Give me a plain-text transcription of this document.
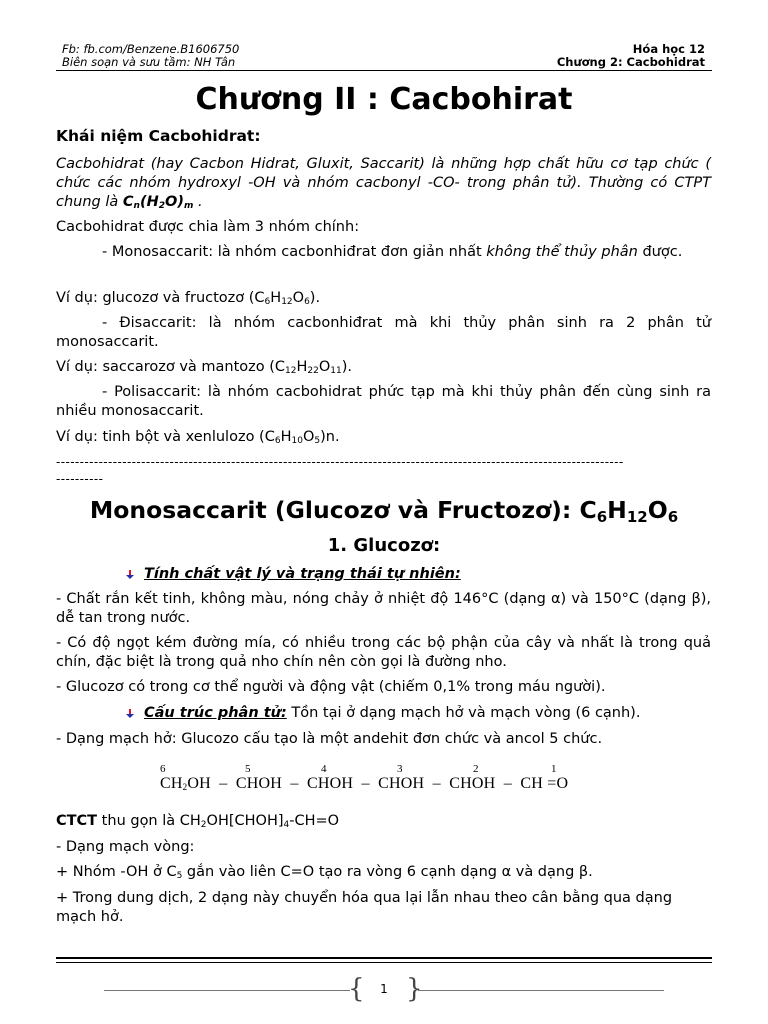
Fb: fb.com/Benzene.B1606750
Biên soạn và sưu tầm: NH Tân
Hóa học 12
Chương 2: Cacbohidrat
Chương II : Cacbohirat
Khái niệm Cacbohidrat:
Cacbohidrat (hay Cacbon Hidrat, Gluxit, Saccarit) là những hợp chất hữu cơ tạp chức ( chức các nhóm hydroxyl -OH và nhóm cacbonyl -CO- trong phân tử). Thường có CTPT chung là $C_n(H_2O)_m$ .
Cacbohidrat được chia làm 3 nhóm chính:
- Monosaccarit: là nhóm cacbonhiđrat đơn giản nhất không thể thủy phân được.
Ví dụ: glucozơ và fructozơ $(C_6H_{12}O_6)$.
- Đisaccarit: là nhóm cacbonhiđrat mà khi thủy phân sinh ra 2 phân tử monosaccarit.
Ví dụ: saccarozơ và mantozo $(C_{12}H_{22}O_{11})$.
- Polisaccarit: là nhóm cacbohidrat phức tạp mà khi thủy phân đến cùng sinh ra nhiều monosaccarit.
Ví dụ: tinh bột và xenlulozo $(C_6H_{10}O_5)n$.
------------------------------------------------------------------------------------------------------------------------
----------
Monosaccarit (Glucozơ và Fructozơ): $C_6H_{12}O_6$
1. Glucozơ:
Tính chất vật lý và trạng thái tự nhiên:
- Chất rắn kết tinh, không màu, nóng chảy ở nhiệt độ 146°C (dạng α) và 150°C (dạng β), dễ tan trong nước.
- Có độ ngọt kém đường mía, có nhiều trong các bộ phận của cây và nhất là trong quả chín, đặc biệt là trong quả nho chín nên còn gọi là đường nho.
- Glucozơ có trong cơ thể người và động vật (chiếm 0,1% trong máu người).
Cấu trúc phân tử: Tồn tại ở dạng mạch hở và mạch vòng (6 cạnh).
- Dạng mạch hở: Glucozo cấu tạo là một andehit đơn chức và ancol 5 chức.
6	5	4	3	2	1
$CH_2OH$  –  CHOH  –  CHOH  –  CHOH  –  CHOH  –  CH =O
CTCT thu gọn là $CH_2OH[CHOH]_4-CH=O$
- Dạng mạch vòng:
+ Nhóm -OH ở $C_5$ gắn vào liên C=O tạo ra vòng 6 cạnh dạng α và dạng β.
+ Trong dung dịch, 2 dạng này chuyển hóa qua lại lẫn nhau theo cân bằng qua dạng mạch hở.
{	1 }
